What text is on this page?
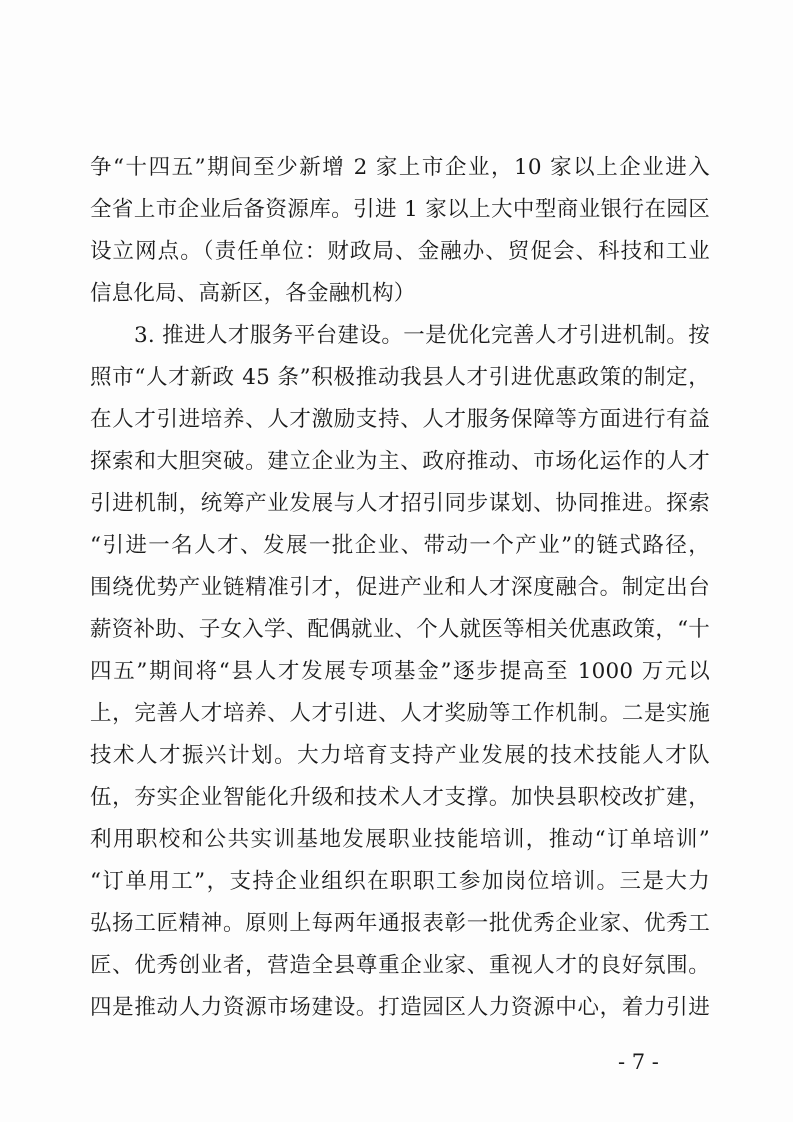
争“十四五”期间至少新增 2 家上市企业，10 家以上企业进入
全省上市企业后备资源库。引进 1 家以上大中型商业银行在园区
设立网点。（责任单位：财政局、金融办、贸促会、科技和工业
信息化局、高新区，各金融机构）
3. 推进人才服务平台建设。一是优化完善人才引进机制。按
照市“人才新政 45 条”积极推动我县人才引进优惠政策的制定，
在人才引进培养、人才激励支持、人才服务保障等方面进行有益
探索和大胆突破。建立企业为主、政府推动、市场化运作的人才
引进机制，统筹产业发展与人才招引同步谋划、协同推进。探索
“引进一名人才、发展一批企业、带动一个产业”的链式路径，
围绕优势产业链精准引才，促进产业和人才深度融合。制定出台
薪资补助、子女入学、配偶就业、个人就医等相关优惠政策，“十
四五”期间将“县人才发展专项基金”逐步提高至 1000 万元以
上，完善人才培养、人才引进、人才奖励等工作机制。二是实施
技术人才振兴计划。大力培育支持产业发展的技术技能人才队
伍，夯实企业智能化升级和技术人才支撑。加快县职校改扩建，
利用职校和公共实训基地发展职业技能培训，推动“订单培训”
“订单用工”，支持企业组织在职职工参加岗位培训。三是大力
弘扬工匠精神。原则上每两年通报表彰一批优秀企业家、优秀工
匠、优秀创业者，营造全县尊重企业家、重视人才的良好氛围。
四是推动人力资源市场建设。打造园区人力资源中心，着力引进
- 7 -
